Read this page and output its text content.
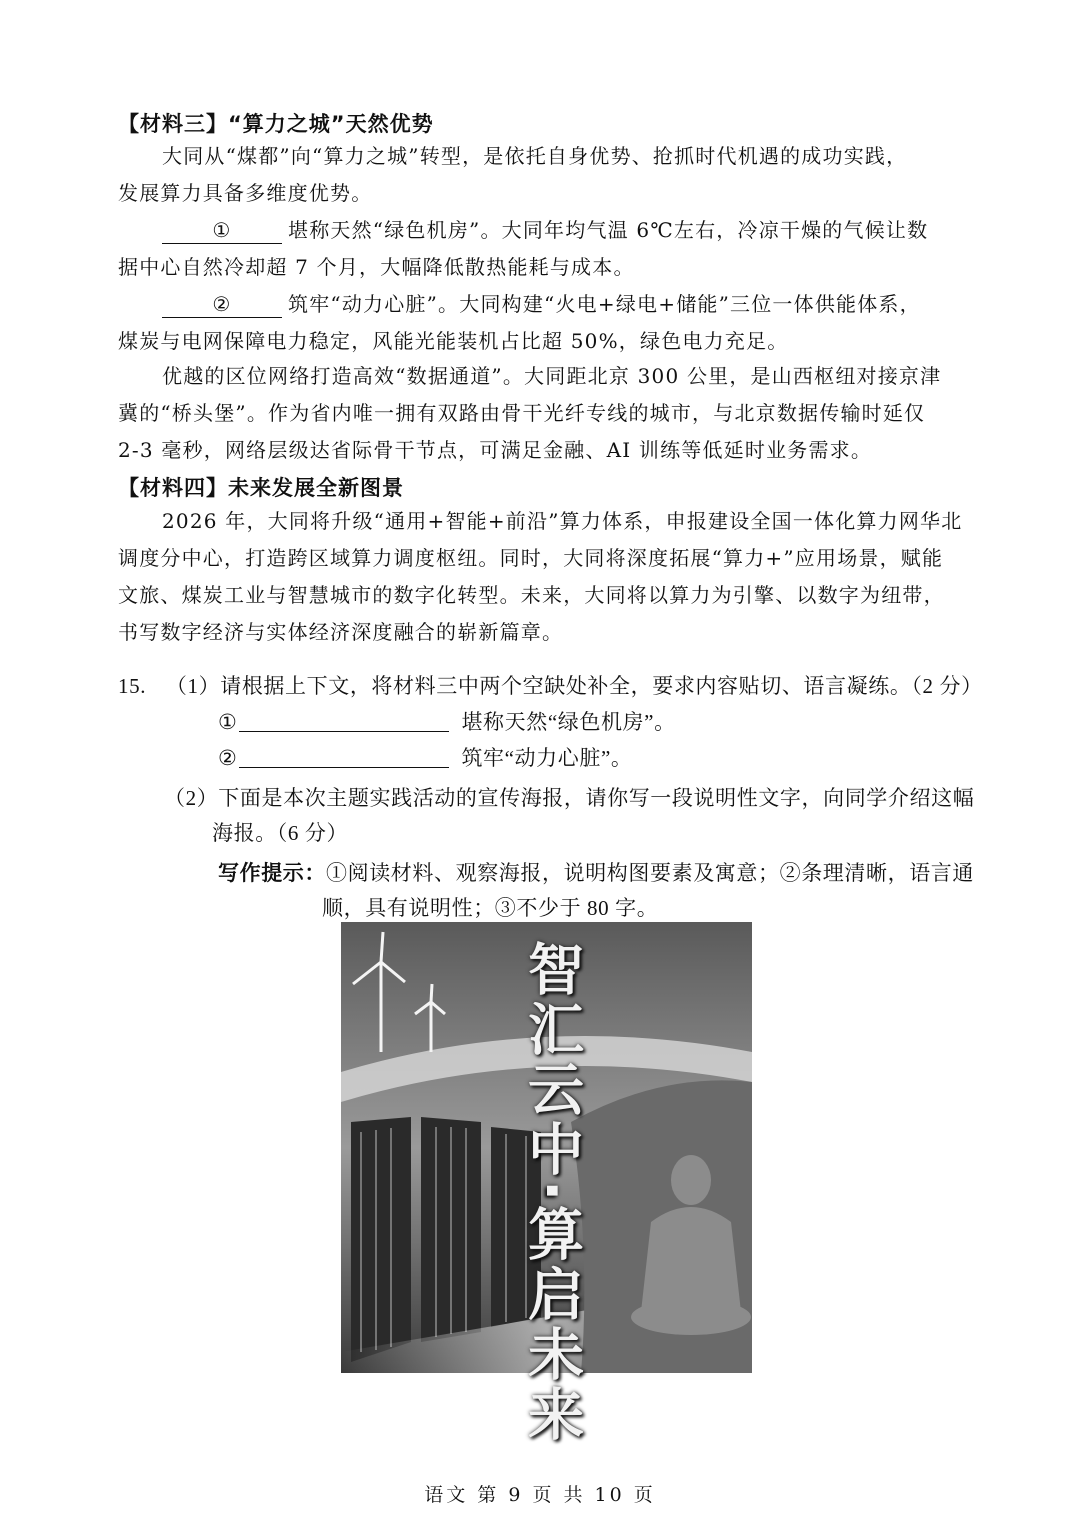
【材料三】“算力之城”天然优势
大同从“煤都”向“算力之城”转型，是依托自身优势、抢抓时代机遇的成功实践，
发展算力具备多维度优势。
①	堪称天然“绿色机房”。大同年均气温 6℃左右，冷凉干燥的气候让数
据中心自然冷却超 7 个月，大幅降低散热能耗与成本。
②	筑牢“动力心脏”。大同构建“火电+绿电+储能”三位一体供能体系，
煤炭与电网保障电力稳定，风能光能装机占比超 50%，绿色电力充足。
优越的区位网络打造高效“数据通道”。大同距北京 300 公里，是山西枢纽对接京津
冀的“桥头堡”。作为省内唯一拥有双路由骨干光纤专线的城市，与北京数据传输时延仅
2-3 毫秒，网络层级达省际骨干节点，可满足金融、AI 训练等低延时业务需求。
【材料四】未来发展全新图景
2026 年，大同将升级“通用+智能+前沿”算力体系，申报建设全国一体化算力网华北
调度分中心，打造跨区域算力调度枢纽。同时，大同将深度拓展“算力+”应用场景，赋能
文旅、煤炭工业与智慧城市的数字化转型。未来，大同将以算力为引擎、以数字为纽带，
书写数字经济与实体经济深度融合的崭新篇章。
15. （1）请根据上下文，将材料三中两个空缺处补全，要求内容贴切、语言凝练。（2 分）
①	堪称天然“绿色机房”。
②	筑牢“动力心脏”。
（2）下面是本次主题实践活动的宣传海报，请你写一段说明性文字，向同学介绍这幅
海报。（6 分）
写作提示：①阅读材料、观察海报，说明构图要素及寓意；②条理清晰，语言通
顺，具有说明性；③不少于 80 字。
智汇云中·算启未来
语文 第 9 页 共 10 页
